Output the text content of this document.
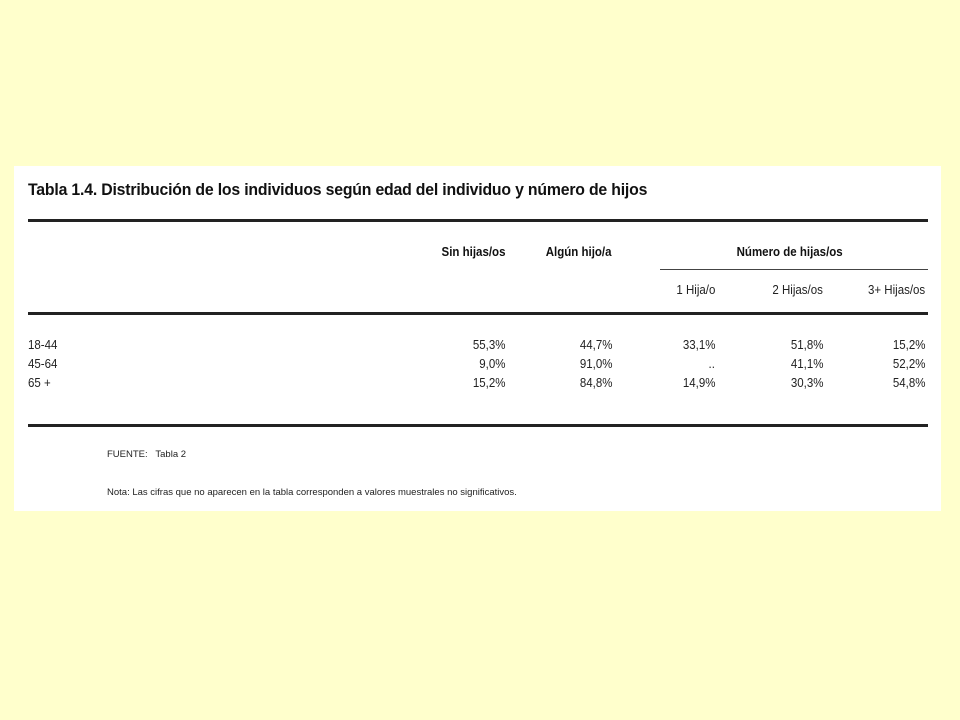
Tabla 1.4. Distribución de los individuos según edad del individuo y número de hijos
Sin hijas/os	Algún hijo/a	Número de hijas/os
1 Hija/o	2 Hijas/os	3+ Hijas/os
18-44	55,3%	44,7%	33,1%	51,8%	15,2%
45-64	9,0%	91,0%	..	41,1%	52,2%
65 +	15,2%	84,8%	14,9%	30,3%	54,8%
FUENTE:   Tabla 2
Nota: Las cifras que no aparecen en la tabla corresponden a valores muestrales no significativos.
